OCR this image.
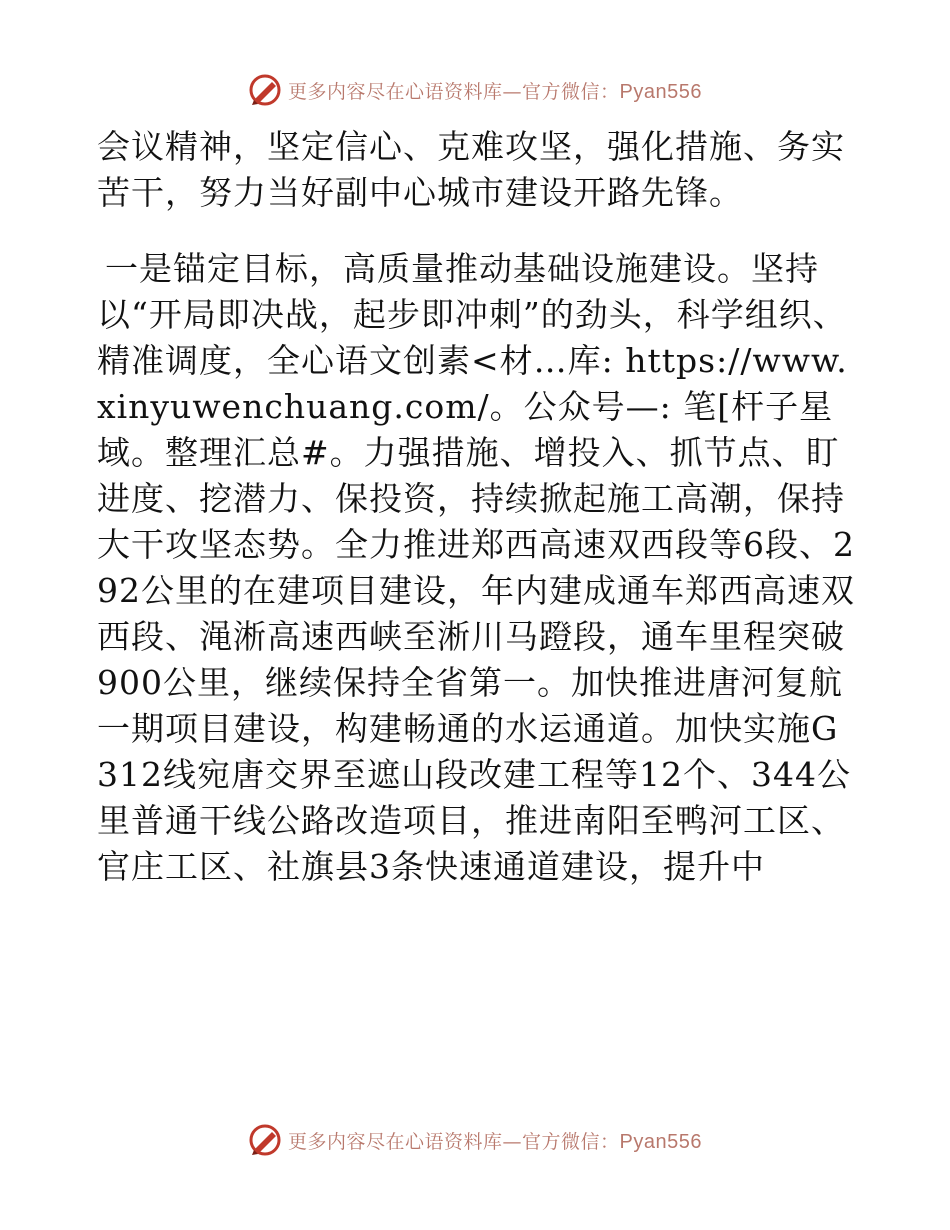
更多内容尽在心语资料库—官方微信：Pyan556

会议精神，坚定信心、克难攻坚，强化措施、务实苦干，努力当好副中心城市建设开路先锋。

一是锚定目标，高质量推动基础设施建设。坚持以“开局即决战，起步即冲刺”的劲头，科学组织、精准调度，全心语文创素<材…库: https://www.xinyuwenchuang.com/。公众号—: 笔[杆子星域。整理汇总#。力强措施、增投入、抓节点、盯进度、挖潜力、保投资，持续掀起施工高潮，保持大干攻坚态势。全力推进郑西高速双西段等6段、292公里的在建项目建设，年内建成通车郑西高速双西段、渑淅高速西峡至淅川马蹬段，通车里程突破900公里，继续保持全省第一。加快推进唐河复航一期项目建设，构建畅通的水运通道。加快实施G312线宛唐交界至遮山段改建工程等12个、344公里普通干线公路改造项目，推进南阳至鸭河工区、官庄工区、社旗县3条快速通道建设，提升中

更多内容尽在心语资料库—官方微信：Pyan556
